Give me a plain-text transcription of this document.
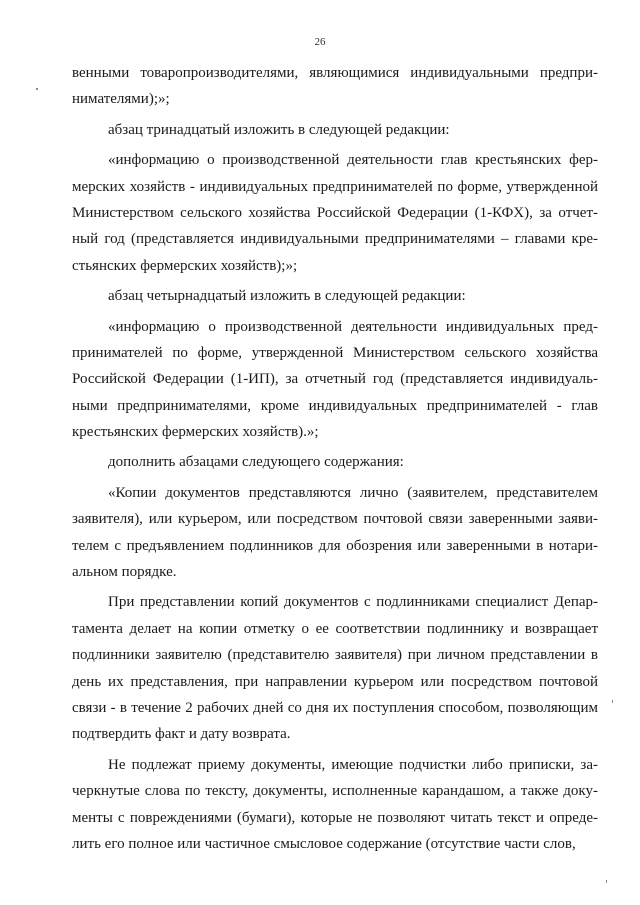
26
венными товаропроизводителями, являющимися индивидуальными предпри-
нимателями);»;
абзац тринадцатый изложить в следующей редакции:
«информацию о производственной деятельности глав крестьянских фер-
мерских хозяйств - индивидуальных предпринимателей по форме, утвержденной
Министерством сельского хозяйства Российской Федерации (1-КФХ), за отчет-
ный год (представляется индивидуальными предпринимателями – главами кре-
стьянских фермерских хозяйств);»;
абзац четырнадцатый изложить в следующей редакции:
«информацию о производственной деятельности индивидуальных пред-
принимателей по форме, утвержденной Министерством сельского хозяйства
Российской Федерации (1-ИП), за отчетный год (представляется индивидуаль-
ными предпринимателями, кроме индивидуальных предпринимателей - глав
крестьянских фермерских хозяйств).»;
дополнить абзацами следующего содержания:
«Копии документов представляются лично (заявителем, представителем
заявителя), или курьером, или посредством почтовой связи заверенными заяви-
телем с предъявлением подлинников для обозрения или заверенными в нотари-
альном порядке.
При представлении копий документов с подлинниками специалист Депар-
тамента делает на копии отметку о ее соответствии подлиннику и возвращает
подлинники заявителю (представителю заявителя) при личном представлении в
день их представления, при направлении курьером или посредством почтовой
связи - в течение 2 рабочих дней со дня их поступления способом, позволяющим
подтвердить факт и дату возврата.
Не подлежат приему документы, имеющие подчистки либо приписки, за-
черкнутые слова по тексту, документы, исполненные карандашом, а также доку-
менты с повреждениями (бумаги), которые не позволяют читать текст и опреде-
лить его полное или частичное смысловое содержание (отсутствие части слов,
